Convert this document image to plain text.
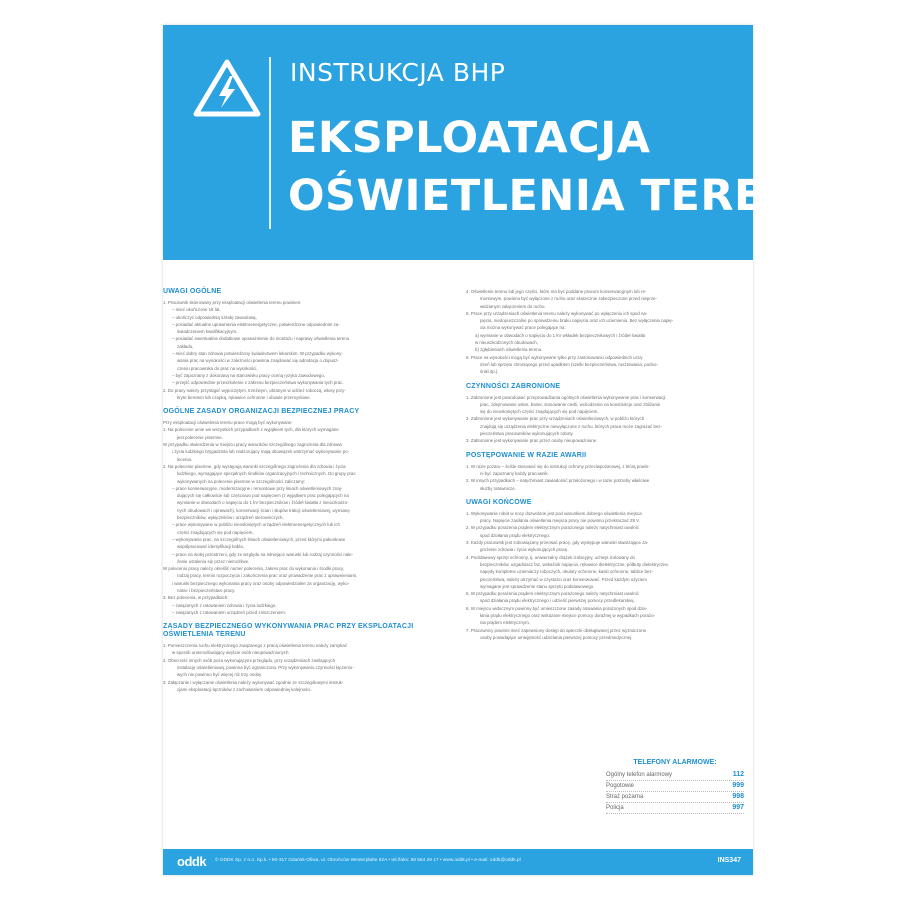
INSTRUKCJA BHP
EKSPLOATACJA
OŚWIETLENIA TERENU
UWAGI OGÓLNE
1. Pracownik skierowany przy eksploatacji oświetlenia terenu powinien:
– mieć ukończone 18 lat,
– ukończyć odpowiednią szkołę zawodową,
– posiadać aktualne uprawnienia elektroenergetyczne, potwierdzone odpowiednim za-
świadczeniem kwalifikacyjnym,
– posiadać ewentualnie dodatkowe upoważnienie do montażu i naprawy oświetlenia terenu
zakładu,
– mieć dobry stan zdrowia potwierdzony świadectwem lekarskim. W przypadku wykony-
wania prac na wysokości w zależności powinna znajdować się adnotacja o dopusz-
czeniu pracownika do prac na wysokości,
– być zapoznany z dokonaną na stanowisku pracy oceną ryzyka zawodowego,
– przejść odpowiednie przeszkolenie z zakresu bezpieczeństwa wykonywania tych prac.
2. Do pracy należy przystąpić wypoczętym, trzeźwym, ubranym w odzież roboczą, włosy przy-
kryte beretem lub czapką, rękawice ochronne i obuwie przemysłowe.
OGÓLNE ZASADY ORGANIZACJI BEZPIECZNEJ PRACY
Przy eksploatacji oświetlenia terenu prace mogą być wykonywane:
1. Na polecenie umie we wszystkich przypadkach z wyjątkiem tych, dla których wymagane
jest polecenie pisemne.
W przypadku stwierdzenia w miejscu pracy warunków szczególnego zagrożenia dla zdrowia
i życia ludzkiego brygadzista lub nadzorujący mają obowiązek wstrzymać wykonywanie po-
lecenia.
2. Na polecenie pisemne, gdy występują warunki szczególnego zagrożenia dla zdrowia i życia
ludzkiego, wymagające specjalnych środków organizacyjnych i technicznych. Do grupy prac
wykonywanych na polecenie pisemne w szczególności zaliczamy:
– prace konserwacyjne, modernizacyjne i remontowe przy liniach oświetleniowych znaj-
dujących się całkowicie lub częściowo pod napięciem (z wyjątkiem prac polegających na
wymianie w obwodach o napięciu do 1 kV bezpieczników i źródeł światła z nieuszkodzo-
nych obudowach i oprawach), konserwacji ścian i słupów trakcji oświetleniowej, wymianę
bezpieczników, wyłączników i urządzeń sterowniczych,
– prace wykonywane w pobliżu nieosłoniętych urządzeń elektroenergetycznych lub ich
części znajdujących się pod napięciem,
– wykonywanie prac, na szczególnych liniach oświetleniowych, przed którymi pakunkowe
współpracować identyfikacji kabla,
– prace na wolej przestrzeni, gdy ze względu na istniejące warunki lub rodzaj czynności nale-
żenie ustaleniu się przez niemożliwe.
W poleceniu pracy należy określić numer polecenia, zakres prac do wykonania i środki pracy,
rodzaj pracy, termin rozpoczęcia i zakończenia prac oraz prowadzenie prac z uprawnieniami,
i warunki bezpiecznego wykonania pracy oraz osoby odpowiedzialne za organizację, wyko-
nanie i bezpieczeństwo pracy.
3. Bez polecenia, w przypadkach:
– związanych z ratowaniem zdrowia i życia ludzkiego,
– związanych z ratowaniem urządzeń przed zniszczeniem.
ZASADY BEZPIECZNEGO WYKONYWANIA PRAC PRZY EKSPLOATACJI OŚWIETLENIA TERENU
1. Pomieszczenia ruchu elektrycznego związanego z pracą oświetlenia terenu należy zamykać
w sposób uniemożliwiający wejście osób nieupoważnionych.
2. Obecność innych osób poza wykonującymi przeglądu, przy urządzeniach zasilających
instalację oświetleniową, powinna być ograniczona. Przy wykonywaniu czynności łączenio-
wych nie powinno być więcej niż trzy osoby.
3. Załączanie i wyłączanie oświetlenia należy wykonywać zgodnie ze szczegółowymi instruk-
cjami eksploatacji łączników z zachowaniem odpowiedniej kolejności.
4. Oświetlenie terenu lub jego części, które ma być poddane pracom konserwacyjnym lub re-
montowym, powinno być wyłączone z ruchu oraz skutecznie zabezpieczone przed nieprze-
widzianym załączeniem do ruchu.
5. Prace przy urządzeniach oświetlenia terenu należy wykonywać po wyłączeniu ich spod na-
pięcia, niedopuszczalne po sprawdzeniu braku napięcia oraz ich uziemieniu. Bez wyłączenia napię-
cia można wykonywać prace polegające na:
a) wymianie w obwodach o napięciu do 1 kV wkładek bezpiecznikowych i źródeł światła
w nieuszkodzonych obudowach,
b) zgłębieniach oświetlenia terenu.
6. Prace na wysokości mogą być wykonywane tylko przy zastosowaniu odpowiednich urzą-
dzeń lub sprzętu chroniącego przed upadkiem (szelki bezpieczeństwa, rusztowania, podno-
śniki itp.).
CZYNNOŚCI ZABRONIONE
1. Zabronione jest powodować przeprowadzania ogólnych oświetlenia wykonywanie prac i konserwacji
prac, zdejmowanie osłon, barier, stosowanie cieśli, wchodzenie na konstrukcje oraz zbliżanie
się do nieosłoniętych części znajdujących się pod napięciem.
2. Zabronione jest wykonywanie prac przy urządzeniach oświetleniowych, w pobliżu których
znajdują się urządzenia elektryczne niewyłączone z ruchu, których praca może zagrażać bez-
pieczeństwu pracowników wykonujących roboty.
3. Zabronione jest wykonywanie prac przez osoby nieupoważnione.
POSTĘPOWANIE W RAZIE AWARII
1. W razie pożaru – ściśle stosować się do instrukcji ochrony przeciwpożarowej, z którą powin-
ni być zapoznany każdy pracownik.
2. W innych przypadkach – natychmiast zawiadomić przełożonego i w razie potrzeby właściwe
służby ratownicze.
UWAGI KOŃCOWE
1. Wykonywanie robót w nocy dozwolone jest pod warunkiem dobrego oświetlenia miejsca
pracy. Napięcie zasilania oświetlenia miejsca pracy nie powinno przekraczać 25 V.
2. W przypadku porażenia prądem elektrycznym porażonego należy natychmiast uwolnić
spod działania prądu elektrycznego.
3. Każdy pracownik jest zobowiązany przerwać pracę, gdy występuje warunki stwarzające za-
grożenie zdrowia i życia wykonujących pracę.
4. Podstawowy sprzęt ochronny, tj. uniwersalny drążek izolacyjny, uchwyt izolowany do
bezpieczników, uzgadniacz faz, wskaźnik napięcia, rękawice dielektryczne, półbuty dielektryczne,
napędy kompletne uziemiaczy roboczych, okulary ochronne, kaski ochronne, tablice bez-
pieczeństwa, należy utrzymać w czystości oraz konserwować. Przed każdym użyciem
wymagane jest sprawdzenie stanu sprzętu podstawowego.
5. W przypadku porażenia prądem elektrycznym porażonego należy natychmiast uwolnić
spod działania prądu elektrycznego i udzielić pierwszej pomocy przedlekarskiej.
6. W miejscu widocznym powinny być umieszczone zasady ratowania porażonych spod dzia-
łania prądu elektrycznego oraz wskazane miejsce pomocy doraźnej w wypadkach porażo-
nia prądem elektrycznym.
7. Pracownicy powinni mieć zapewniony dostęp do apteczki obsługiwanej przez wyznaczone
osoby posiadające umiejętność udzielania pierwszej pomocy przedmedycznej.
TELEFONY ALARMOWE:
Ogólny telefon alarmowy	112
Pogotowie	999
Straż pożarna	998
Policja	997
oddk © ODDK Sp. z o.o. Sp.k. • 80-317 Gdańsk-Oliwa, ul. Obrońców Westerplatte 52A • tel./faks: 58 554 29 17 • www.oddk.pl • e-mail: oddk@oddk.pl	INS347
